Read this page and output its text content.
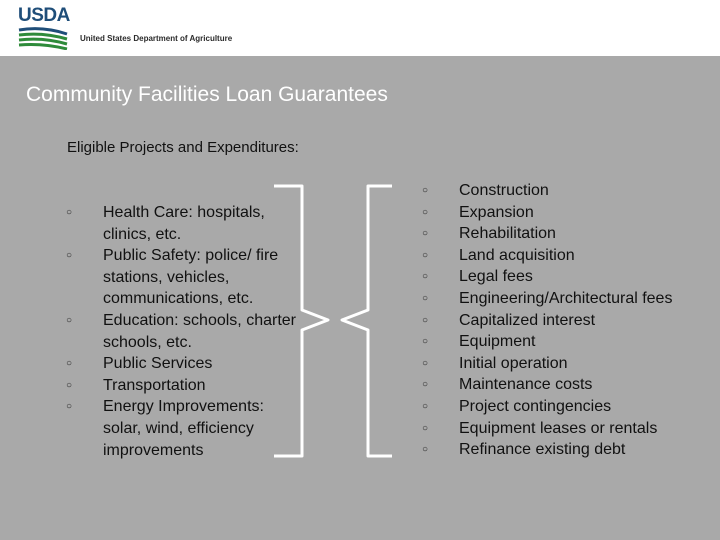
USDA
United States Department of Agriculture
Community Facilities Loan Guarantees
Eligible Projects and Expenditures:
○ Health Care: hospitals, clinics, etc.
○ Public Safety: police/ fire stations, vehicles, communications, etc.
○ Education: schools, charter schools, etc.
○ Public Services
○ Transportation
○ Energy Improvements: solar, wind, efficiency improvements
○ Construction
○ Expansion
○ Rehabilitation
○ Land acquisition
○ Legal fees
○ Engineering/Architectural fees
○ Capitalized interest
○ Equipment
○ Initial operation
○ Maintenance costs
○ Project contingencies
○ Equipment leases or rentals
○ Refinance existing debt
